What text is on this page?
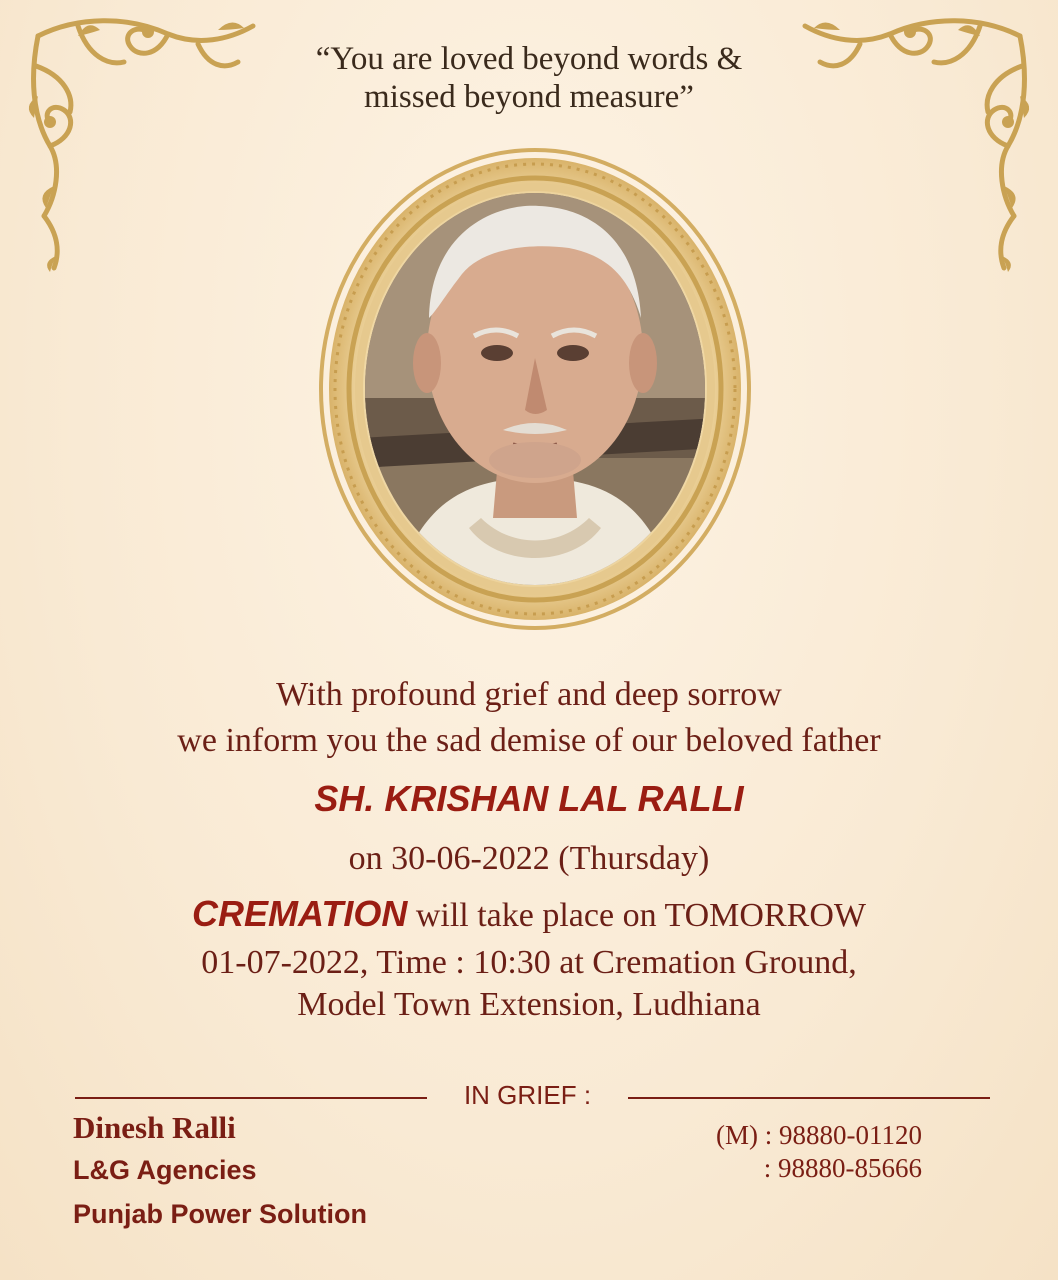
“You are loved beyond words &
missed beyond measure”
With profound grief and deep sorrow
we inform you the sad demise of our beloved father
SH. KRISHAN LAL RALLI
on 30-06-2022 (Thursday)
CREMATION will take place on TOMORROW
01-07-2022, Time : 10:30 at Cremation Ground,
Model Town Extension, Ludhiana
IN GRIEF :
Dinesh Ralli
L&G Agencies
Punjab Power Solution
(M) : 98880-01120
: 98880-85666
